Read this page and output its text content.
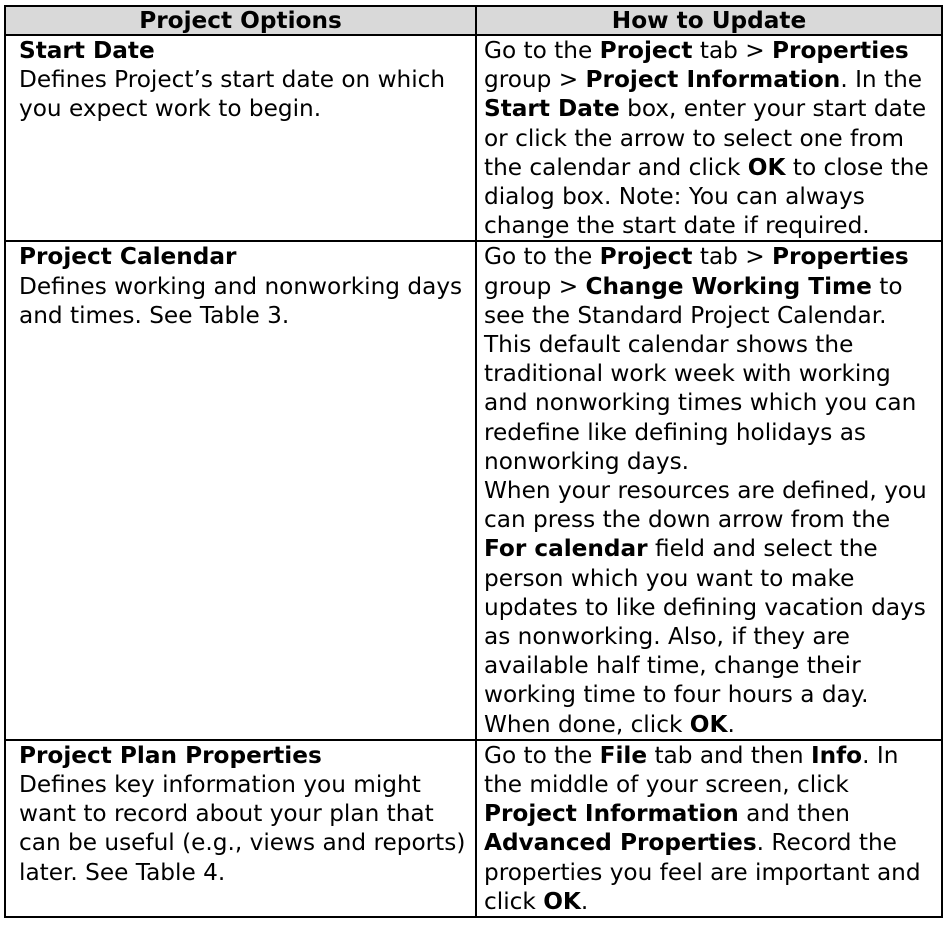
Project Options	How to Update

Start Date
Defines Project’s start date on which you expect work to begin.	Go to the Project tab > Properties group > Project Information. In the Start Date box, enter your start date or click the arrow to select one from the calendar and click OK to close the dialog box. Note: You can always change the start date if required.

Project Calendar
Defines working and nonworking days and times. See Table 3.	Go to the Project tab > Properties group > Change Working Time to see the Standard Project Calendar. This default calendar shows the traditional work week with working and nonworking times which you can redefine like defining holidays as nonworking days.
When your resources are defined, you can press the down arrow from the For calendar field and select the person which you want to make updates to like defining vacation days as nonworking. Also, if they are available half time, change their working time to four hours a day. When done, click OK.

Project Plan Properties
Defines key information you might want to record about your plan that can be useful (e.g., views and reports) later. See Table 4.	Go to the File tab and then Info. In the middle of your screen, click Project Information and then Advanced Properties. Record the properties you feel are important and click OK.
